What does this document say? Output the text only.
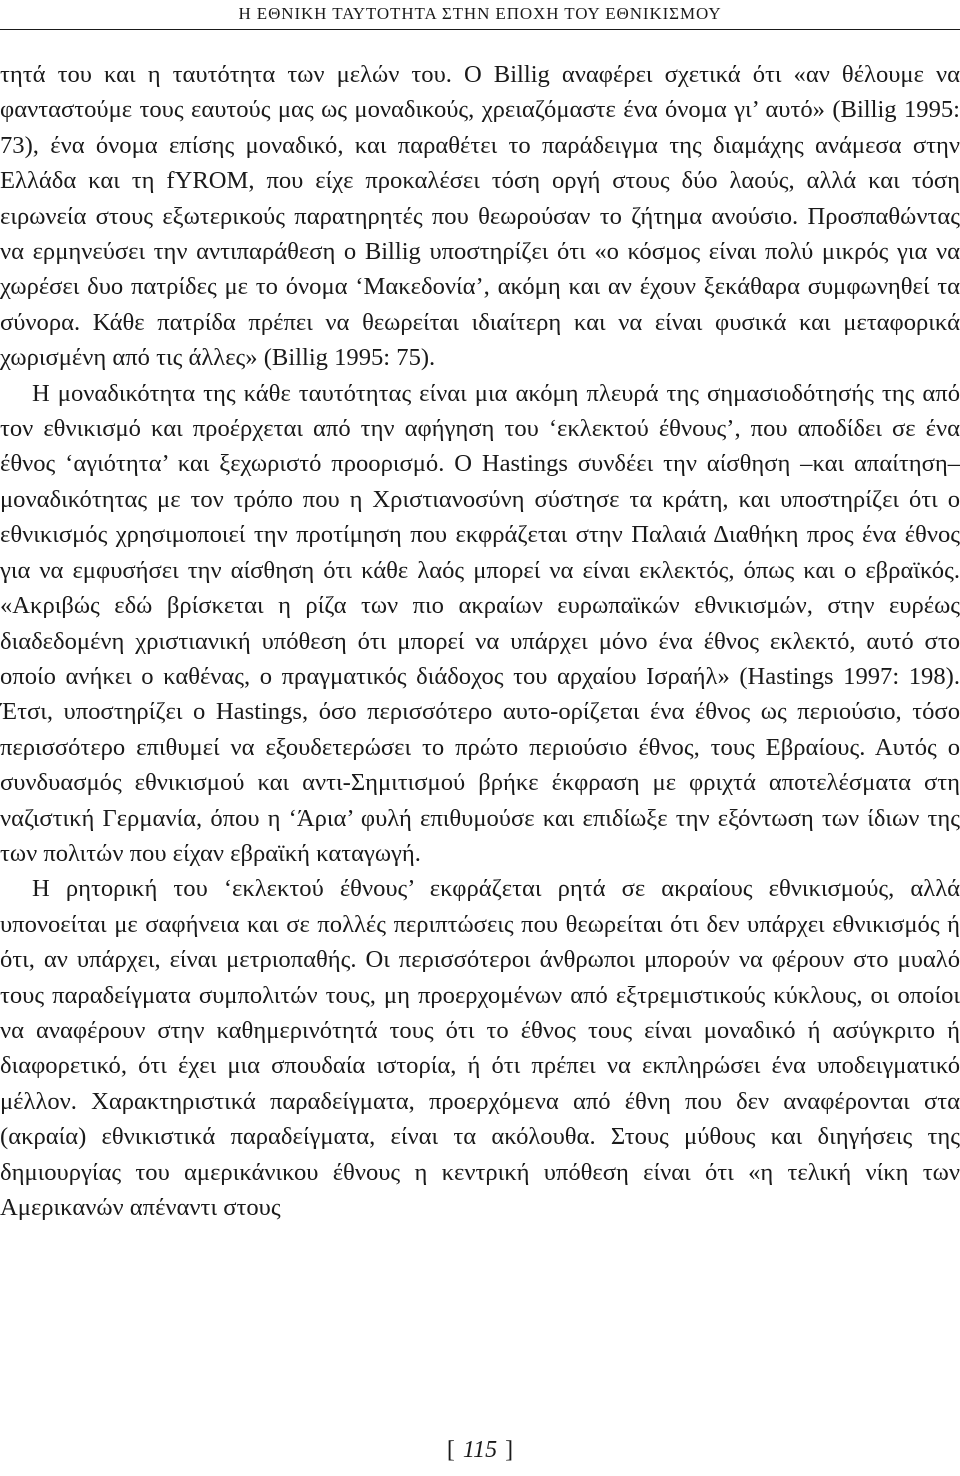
Η ΕΘΝΙΚΗ ΤΑΥΤΟΤΗΤΑ ΣΤΗΝ ΕΠΟΧΗ ΤΟΥ ΕΘΝΙΚΙΣΜΟΥ

τητά του και η ταυτότητα των μελών του. Ο Billig αναφέρει σχετικά ότι «αν θέλουμε να φανταστούμε τους εαυτούς μας ως μοναδικούς, χρειαζόμαστε ένα όνομα γι’ αυτό» (Billig 1995: 73), ένα όνομα επίσης μοναδικό, και παραθέτει το παράδειγμα της διαμάχης ανάμεσα στην Ελλάδα και τη fYROM, που είχε προκαλέσει τόση οργή στους δύο λαούς, αλλά και τόση ειρωνεία στους εξωτερικούς παρατηρητές που θεωρούσαν το ζήτημα ανούσιο. Προσπαθώντας να ερμηνεύσει την αντιπαράθεση ο Billig υποστηρίζει ότι «ο κόσμος είναι πολύ μικρός για να χωρέσει δυο πατρίδες με το όνομα ‘Μακεδονία’, ακόμη και αν έχουν ξεκάθαρα συμφωνηθεί τα σύνορα. Κάθε πατρίδα πρέπει να θεωρείται ιδιαίτερη και να είναι φυσικά και μεταφορικά χωρισμένη από τις άλλες» (Billig 1995: 75).

Η μοναδικότητα της κάθε ταυτότητας είναι μια ακόμη πλευρά της σημασιοδότησής της από τον εθνικισμό και προέρχεται από την αφήγηση του ‘εκλεκτού έθνους’, που αποδίδει σε ένα έθνος ‘αγιότητα’ και ξεχωριστό προορισμό. Ο Hastings συνδέει την αίσθηση –και απαίτηση– μοναδικότητας με τον τρόπο που η Χριστιανοσύνη σύστησε τα κράτη, και υποστηρίζει ότι ο εθνικισμός χρησιμοποιεί την προτίμηση που εκφράζεται στην Παλαιά Διαθήκη προς ένα έθνος για να εμφυσήσει την αίσθηση ότι κάθε λαός μπορεί να είναι εκλεκτός, όπως και ο εβραϊκός. «Ακριβώς εδώ βρίσκεται η ρίζα των πιο ακραίων ευρωπαϊκών εθνικισμών, στην ευρέως διαδεδομένη χριστιανική υπόθεση ότι μπορεί να υπάρχει μόνο ένα έθνος εκλεκτό, αυτό στο οποίο ανήκει ο καθένας, ο πραγματικός διάδοχος του αρχαίου Ισραήλ» (Hastings 1997: 198). Έτσι, υποστηρίζει ο Hastings, όσο περισσότερο αυτο-ορίζεται ένα έθνος ως περιούσιο, τόσο περισσότερο επιθυμεί να εξουδετερώσει το πρώτο περιούσιο έθνος, τους Εβραίους. Αυτός ο συνδυασμός εθνικισμού και αντι-Σημιτισμού βρήκε έκφραση με φριχτά αποτελέσματα στη ναζιστική Γερμανία, όπου η ‘Άρια’ φυλή επιθυμούσε και επιδίωξε την εξόντωση των ίδιων της των πολιτών που είχαν εβραϊκή καταγωγή.

Η ρητορική του ‘εκλεκτού έθνους’ εκφράζεται ρητά σε ακραίους εθνικισμούς, αλλά υπονοείται με σαφήνεια και σε πολλές περιπτώσεις που θεωρείται ότι δεν υπάρχει εθνικισμός ή ότι, αν υπάρχει, είναι μετριοπαθής. Οι περισσότεροι άνθρωποι μπορούν να φέρουν στο μυαλό τους παραδείγματα συμπολιτών τους, μη προερχομένων από εξτρεμιστικούς κύκλους, οι οποίοι να αναφέρουν στην καθημερινότητά τους ότι το έθνος τους είναι μοναδικό ή ασύγκριτο ή διαφορετικό, ότι έχει μια σπουδαία ιστορία, ή ότι πρέπει να εκπληρώσει ένα υποδειγματικό μέλλον. Χαρακτηριστικά παραδείγματα, προερχόμενα από έθνη που δεν αναφέρονται στα (ακραία) εθνικιστικά παραδείγματα, είναι τα ακόλουθα. Στους μύθους και διηγήσεις της δημιουργίας του αμερικάνικου έθνους η κεντρική υπόθεση είναι ότι «η τελική νίκη των Αμερικανών απέναντι στους

[ 115 ]
